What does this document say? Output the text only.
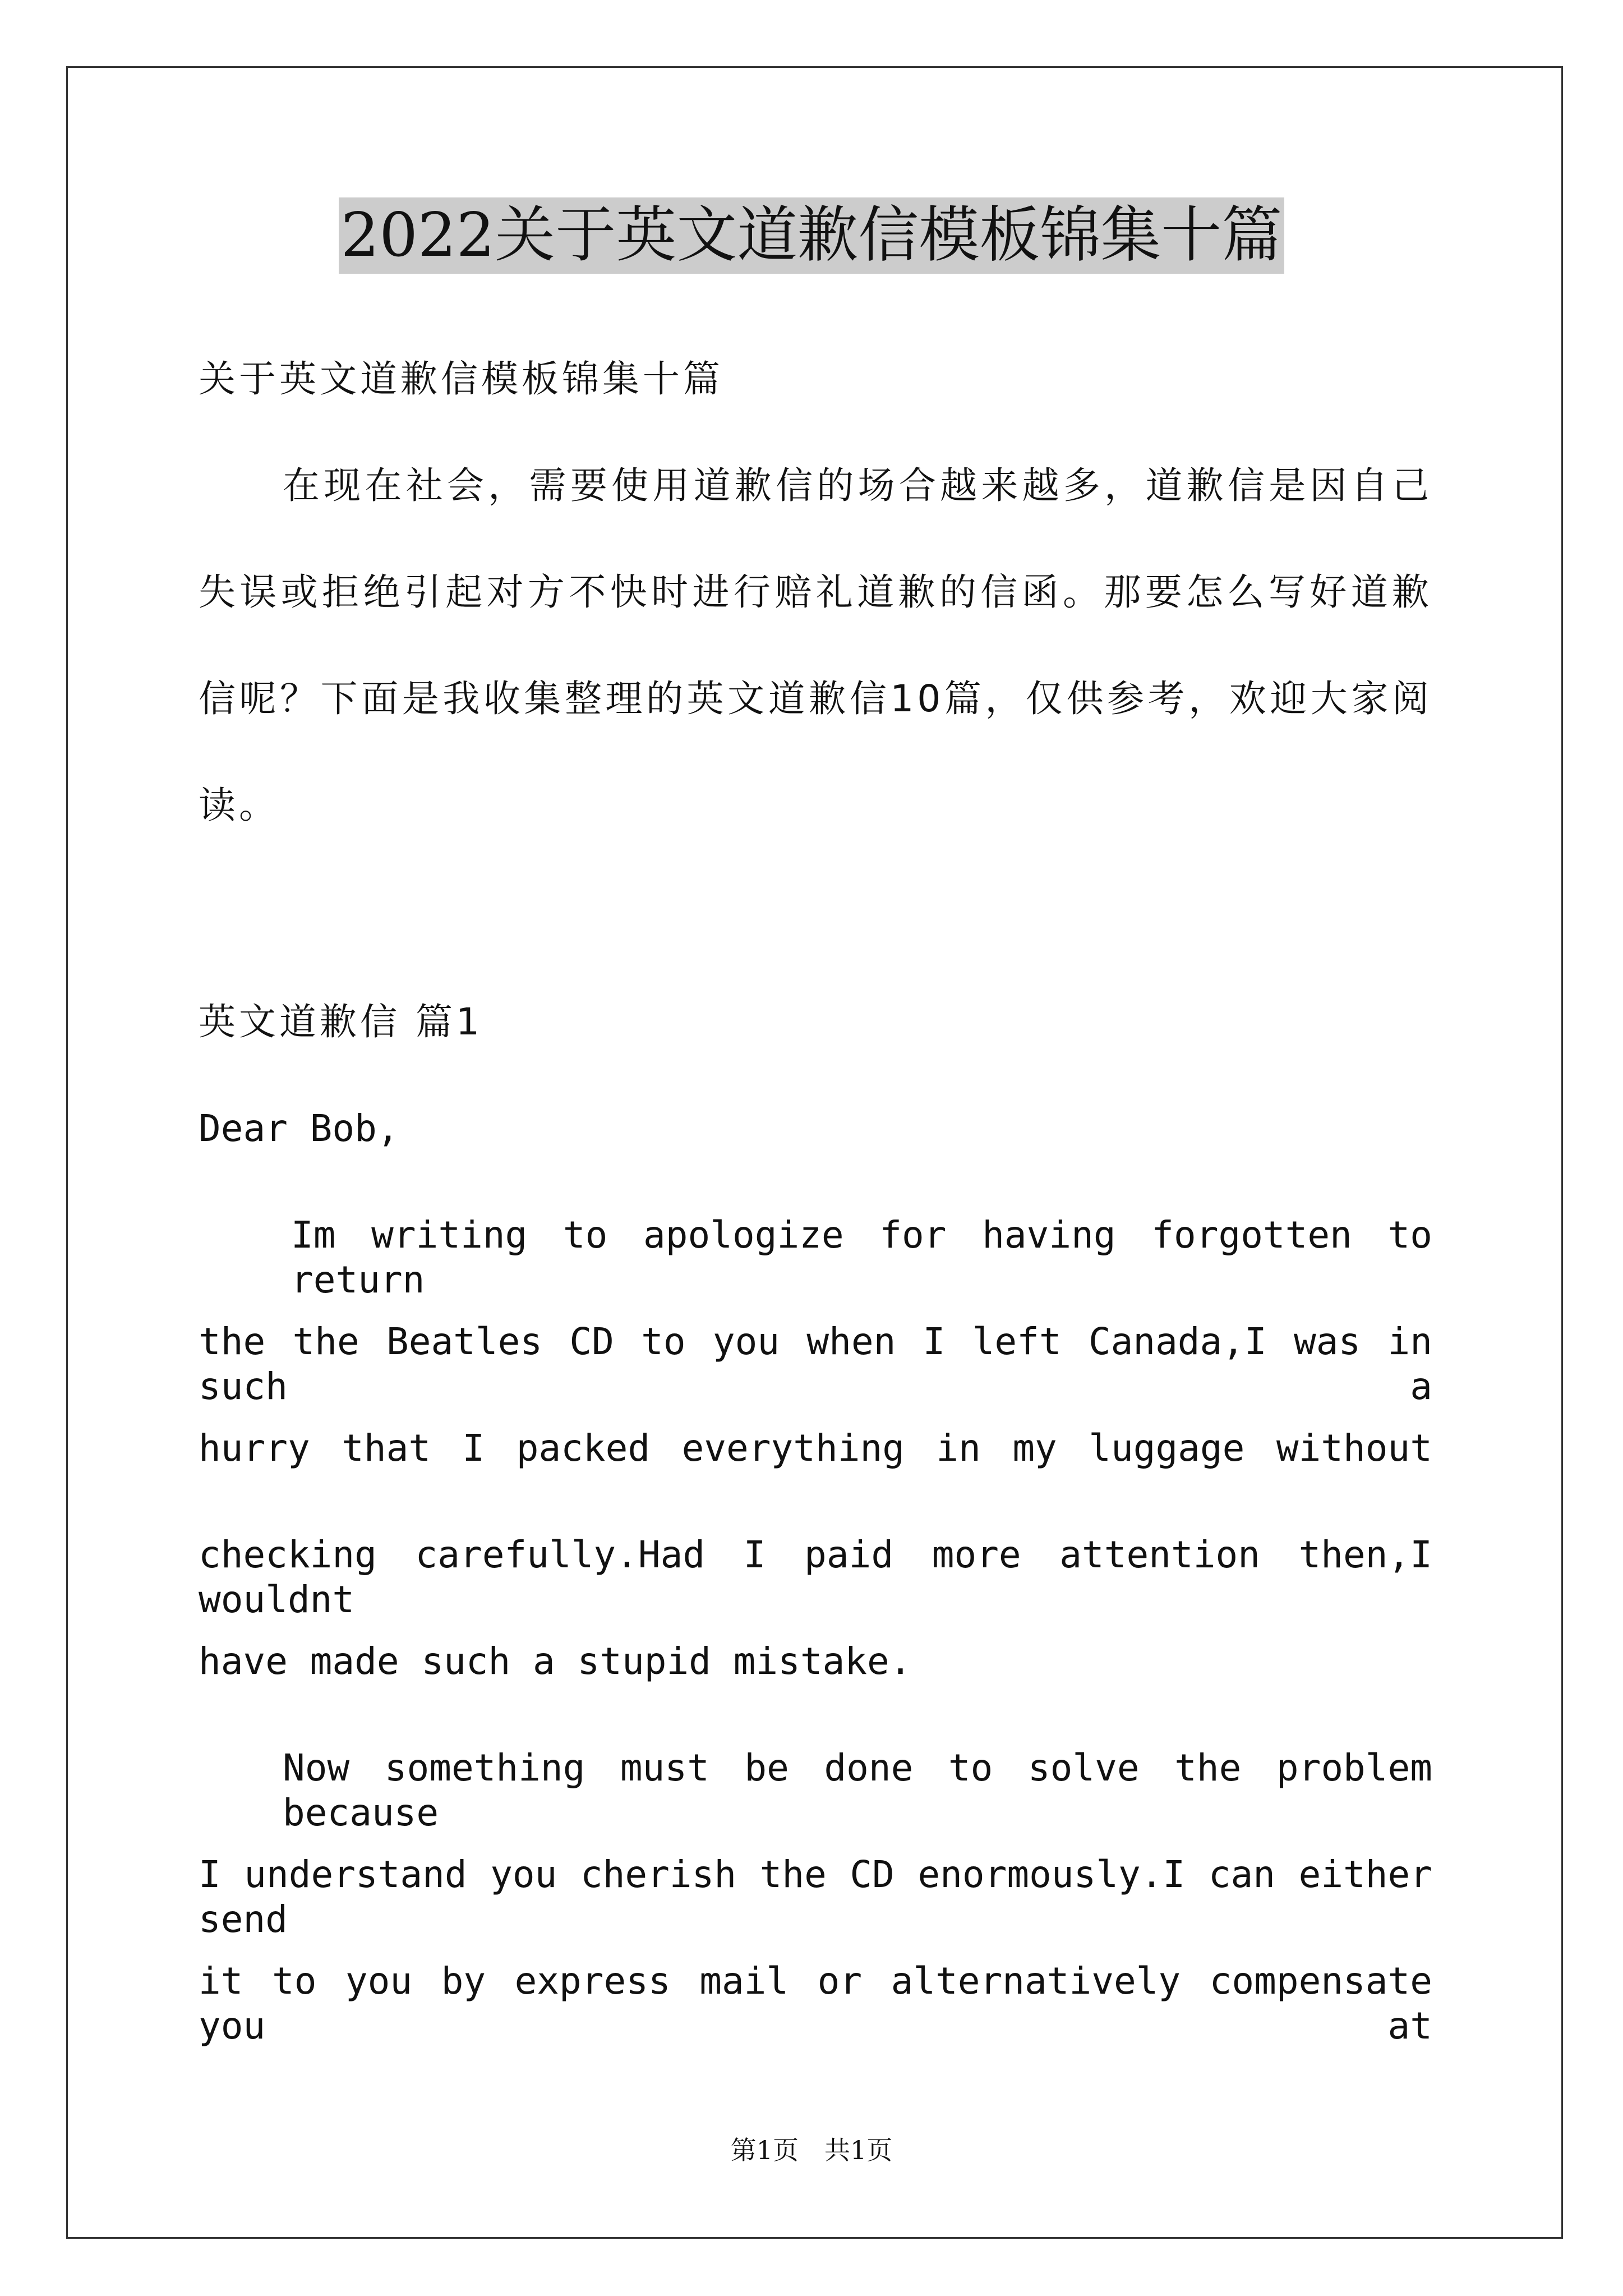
2022关于英文道歉信模板锦集十篇
关于英文道歉信模板锦集十篇
在现在社会，需要使用道歉信的场合越来越多，道歉信是因自己
失误或拒绝引起对方不快时进行赔礼道歉的信函。那要怎么写好道歉
信呢？下面是我收集整理的英文道歉信10篇，仅供参考，欢迎大家阅
读。
英文道歉信 篇1
Dear Bob,
Im writing to apologize for having forgotten to return
the the Beatles CD to you when I left Canada,I was in such a
hurry that I packed everything in my luggage without
checking carefully.Had I paid more attention then,I wouldnt
have made such a stupid mistake.
Now something must be done to solve the problem because
I understand you cherish the CD enormously.I can either send
it to you by express mail or alternatively compensate you at
第1页　共1页
